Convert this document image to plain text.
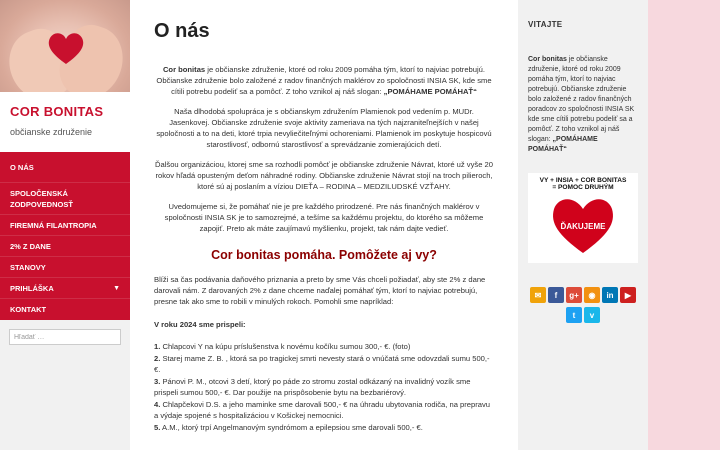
COR BONITAS
občianske združenie
O NÁS
SPOLOČENSKÁ ZODPOVEDNOSŤ
FIREMNÁ FILANTROPIA
2% Z DANE
STANOVY
PRIHLÁŠKA	▼
KONTAKT
Hľadať …
O nás

Cor bonitas je občianske združenie, ktoré od roku 2009 pomáha tým, ktorí to najviac potrebujú. Občianske združenie bolo založené z radov finančných maklérov zo spoločnosti INSIA SK, kde sme cítili potrebu podeliť sa a pomôcť. Z toho vznikol aj náš slogan: „POMÁHAME POMÁHAŤ“

Naša dlhodobá spolupráca je s občianskym združením Plamienok pod vedením p. MUDr. Jasenkovej. Občianske združenie svoje aktivity zameriava na tých najzraniteľnejších v našej spoločnosti a to na deti, ktoré trpia nevyliečiteľnými ochoreniami. Plamienok im poskytuje hospicovú starostlivosť, odbornú starostlivosť a sprevádzanie zomierajúcich detí.

Ďalšou organizáciou, ktorej sme sa rozhodli pomôcť je občianske združenie Návrat, ktoré už vyše 20 rokov hľadá opusteným deťom náhradné rodiny. Občianske združenie Návrat stojí na troch pilieroch, ktoré sú aj poslaním a víziou DIEŤA – RODINA – MEDZILUDSKÉ VZŤAHY.

Uvedomujeme si, že pomáhať nie je pre každého prirodzené. Pre nás finančných maklérov v spoločnosti INSIA SK je to samozrejmé, a tešíme sa každému projektu, do ktorého sa môžeme zapojiť. Preto ak máte zaujímavú myšlienku, projekt, tak nám dajte vedieť.

Cor bonitas pomáha. Pomôžete aj vy?

Blíži sa čas podávania daňového priznania a preto by sme Vás chceli požiadať, aby ste 2% z dane darovali nám. Z darovaných 2% z dane chceme naďalej pomáhať tým, ktorí to najviac potrebujú, presne tak ako sme to robili v minulých rokoch. Pomohli sme napríklad:

V roku 2024 sme prispeli:

1. Chlapcovi Y na kúpu príslušenstva k novému kočíku sumou 300,- €. (foto)
2. Starej mame Z. B. , ktorá sa po tragickej smrti nevesty stará o vnúčatá sme odovzdali sumu 500,- €.
3. Pánovi P. M., otcovi 3 detí, ktorý po páde zo stromu zostal odkázaný na invalidný vozík sme prispeli sumou 500,- €. Dar použije na prispôsobenie bytu na bezbariérový.
4. Chlapčekovi D.S. a jeho maminke sme darovali 500,- € na úhradu ubytovania rodiča, na prepravu a výdaje spojené s hospitalizáciou v Košickej nemocnici.
5. A.M., ktorý trpí Angelmanovým syndrómom a epilepsiou sme darovali 500,- €.
VITAJTE
Cor bonitas je občianske združenie, ktoré od roku 2009 pomáha tým, ktorí to najviac potrebujú. Občianske združenie bolo založené z radov finančných poradcov zo spoločnosti INSIA SK kde sme cítili potrebu podeliť sa a pomôcť. Z toho vznikol aj náš slogan: „POMÁHAME POMÁHAŤ“
VY + INSIA + COR BONITAS
= POMOC DRUHÝM
ĎAKUJEME
✉	f	g+	◉	in	▶
t	v
